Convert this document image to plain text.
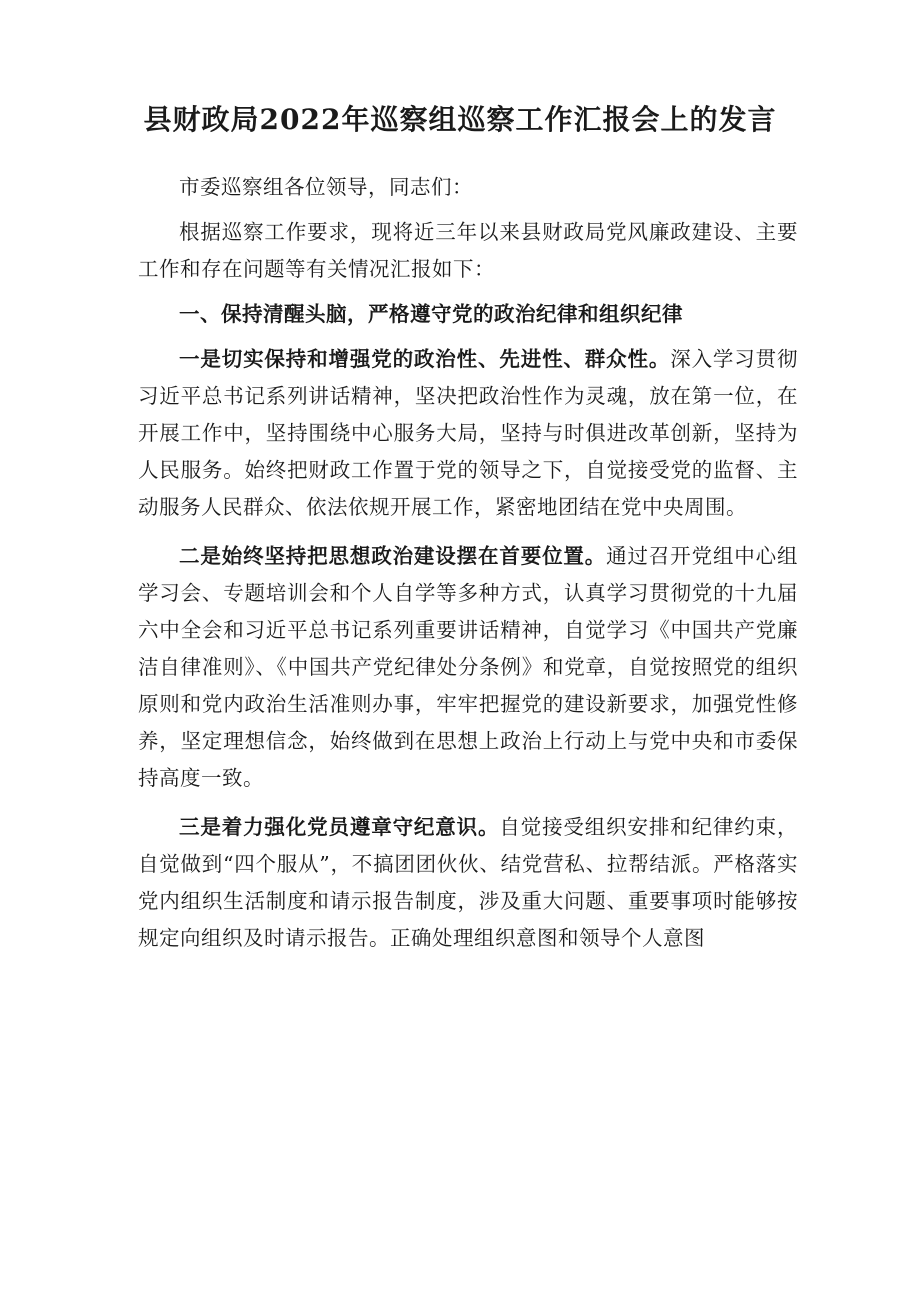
县财政局2022年巡察组巡察工作汇报会上的发言

市委巡察组各位领导，同志们：

根据巡察工作要求，现将近三年以来县财政局党风廉政建设、主要工作和存在问题等有关情况汇报如下：

一、保持清醒头脑，严格遵守党的政治纪律和组织纪律

一是切实保持和增强党的政治性、先进性、群众性。深入学习贯彻习近平总书记系列讲话精神，坚决把政治性作为灵魂，放在第一位，在开展工作中，坚持围绕中心服务大局，坚持与时俱进改革创新，坚持为人民服务。始终把财政工作置于党的领导之下，自觉接受党的监督、主动服务人民群众、依法依规开展工作，紧密地团结在党中央周围。

二是始终坚持把思想政治建设摆在首要位置。通过召开党组中心组学习会、专题培训会和个人自学等多种方式，认真学习贯彻党的十九届六中全会和习近平总书记系列重要讲话精神，自觉学习《中国共产党廉洁自律准则》、《中国共产党纪律处分条例》和党章，自觉按照党的组织原则和党内政治生活准则办事，牢牢把握党的建设新要求，加强党性修养，坚定理想信念，始终做到在思想上政治上行动上与党中央和市委保持高度一致。

三是着力强化党员遵章守纪意识。自觉接受组织安排和纪律约束，自觉做到“四个服从”，不搞团团伙伙、结党营私、拉帮结派。严格落实党内组织生活制度和请示报告制度，涉及重大问题、重要事项时能够按规定向组织及时请示报告。正确处理组织意图和领导个人意图
